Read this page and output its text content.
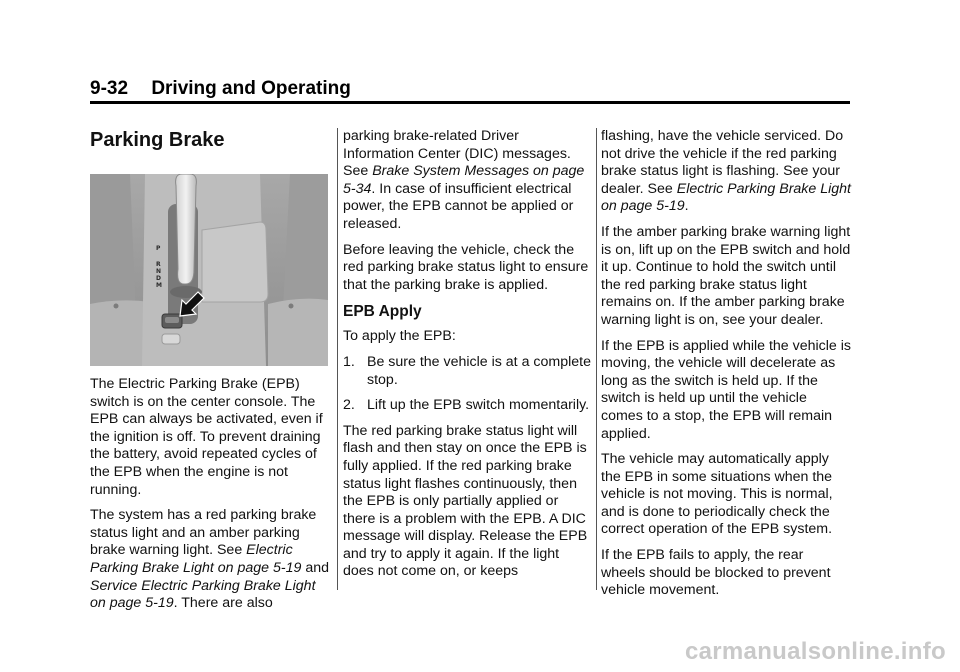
9-32 Driving and Operating
Parking Brake
P
R
N
D
M

The Electric Parking Brake (EPB) switch is on the center console. The EPB can always be activated, even if the ignition is off. To prevent draining the battery, avoid repeated cycles of the EPB when the engine is not running.

The system has a red parking brake status light and an amber parking brake warning light. See Electric Parking Brake Light on page 5-19 and Service Electric Parking Brake Light on page 5-19. There are also

parking brake-related Driver Information Center (DIC) messages. See Brake System Messages on page 5-34. In case of insufficient electrical power, the EPB cannot be applied or released.

Before leaving the vehicle, check the red parking brake status light to ensure that the parking brake is applied.

EPB Apply

To apply the EPB:

1. Be sure the vehicle is at a complete stop.
2. Lift up the EPB switch momentarily.

The red parking brake status light will flash and then stay on once the EPB is fully applied. If the red parking brake status light flashes continuously, then the EPB is only partially applied or there is a problem with the EPB. A DIC message will display. Release the EPB and try to apply it again. If the light does not come on, or keeps

flashing, have the vehicle serviced. Do not drive the vehicle if the red parking brake status light is flashing. See your dealer. See Electric Parking Brake Light on page 5-19.

If the amber parking brake warning light is on, lift up on the EPB switch and hold it up. Continue to hold the switch until the red parking brake status light remains on. If the amber parking brake warning light is on, see your dealer.

If the EPB is applied while the vehicle is moving, the vehicle will decelerate as long as the switch is held up. If the switch is held up until the vehicle comes to a stop, the EPB will remain applied.

The vehicle may automatically apply the EPB in some situations when the vehicle is not moving. This is normal, and is done to periodically check the correct operation of the EPB system.

If the EPB fails to apply, the rear wheels should be blocked to prevent vehicle movement.

carmanualsonline.info
